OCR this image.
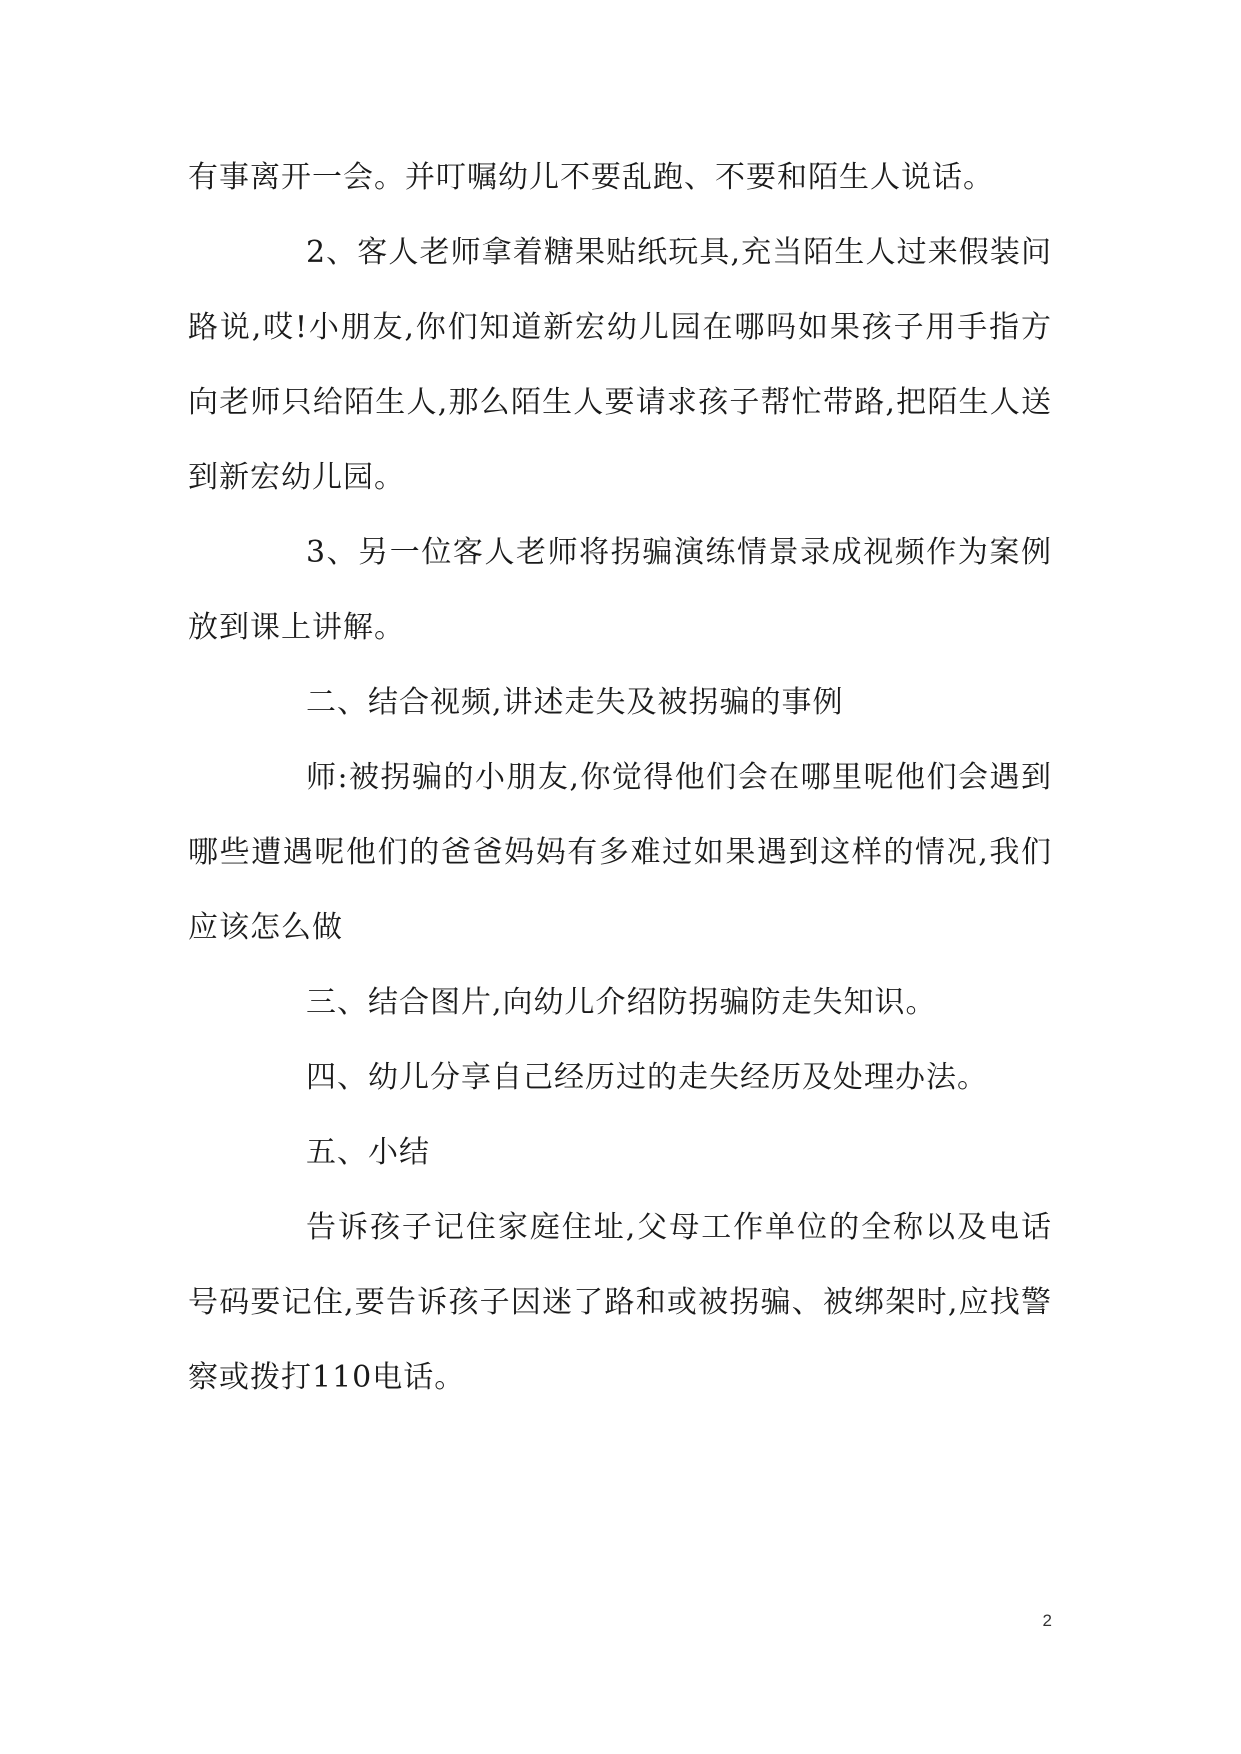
有事离开一会。并叮嘱幼儿不要乱跑、不要和陌生人说话。

2、客人老师拿着糖果贴纸玩具,充当陌生人过来假装问路说,哎!小朋友,你们知道新宏幼儿园在哪吗如果孩子用手指方向老师只给陌生人,那么陌生人要请求孩子帮忙带路,把陌生人送到新宏幼儿园。

3、另一位客人老师将拐骗演练情景录成视频作为案例放到课上讲解。

二、结合视频,讲述走失及被拐骗的事例

师:被拐骗的小朋友,你觉得他们会在哪里呢他们会遇到哪些遭遇呢他们的爸爸妈妈有多难过如果遇到这样的情况,我们应该怎么做

三、结合图片,向幼儿介绍防拐骗防走失知识。

四、幼儿分享自己经历过的走失经历及处理办法。

五、小结

告诉孩子记住家庭住址,父母工作单位的全称以及电话号码要记住,要告诉孩子因迷了路和或被拐骗、被绑架时,应找警察或拨打110电话。

2
